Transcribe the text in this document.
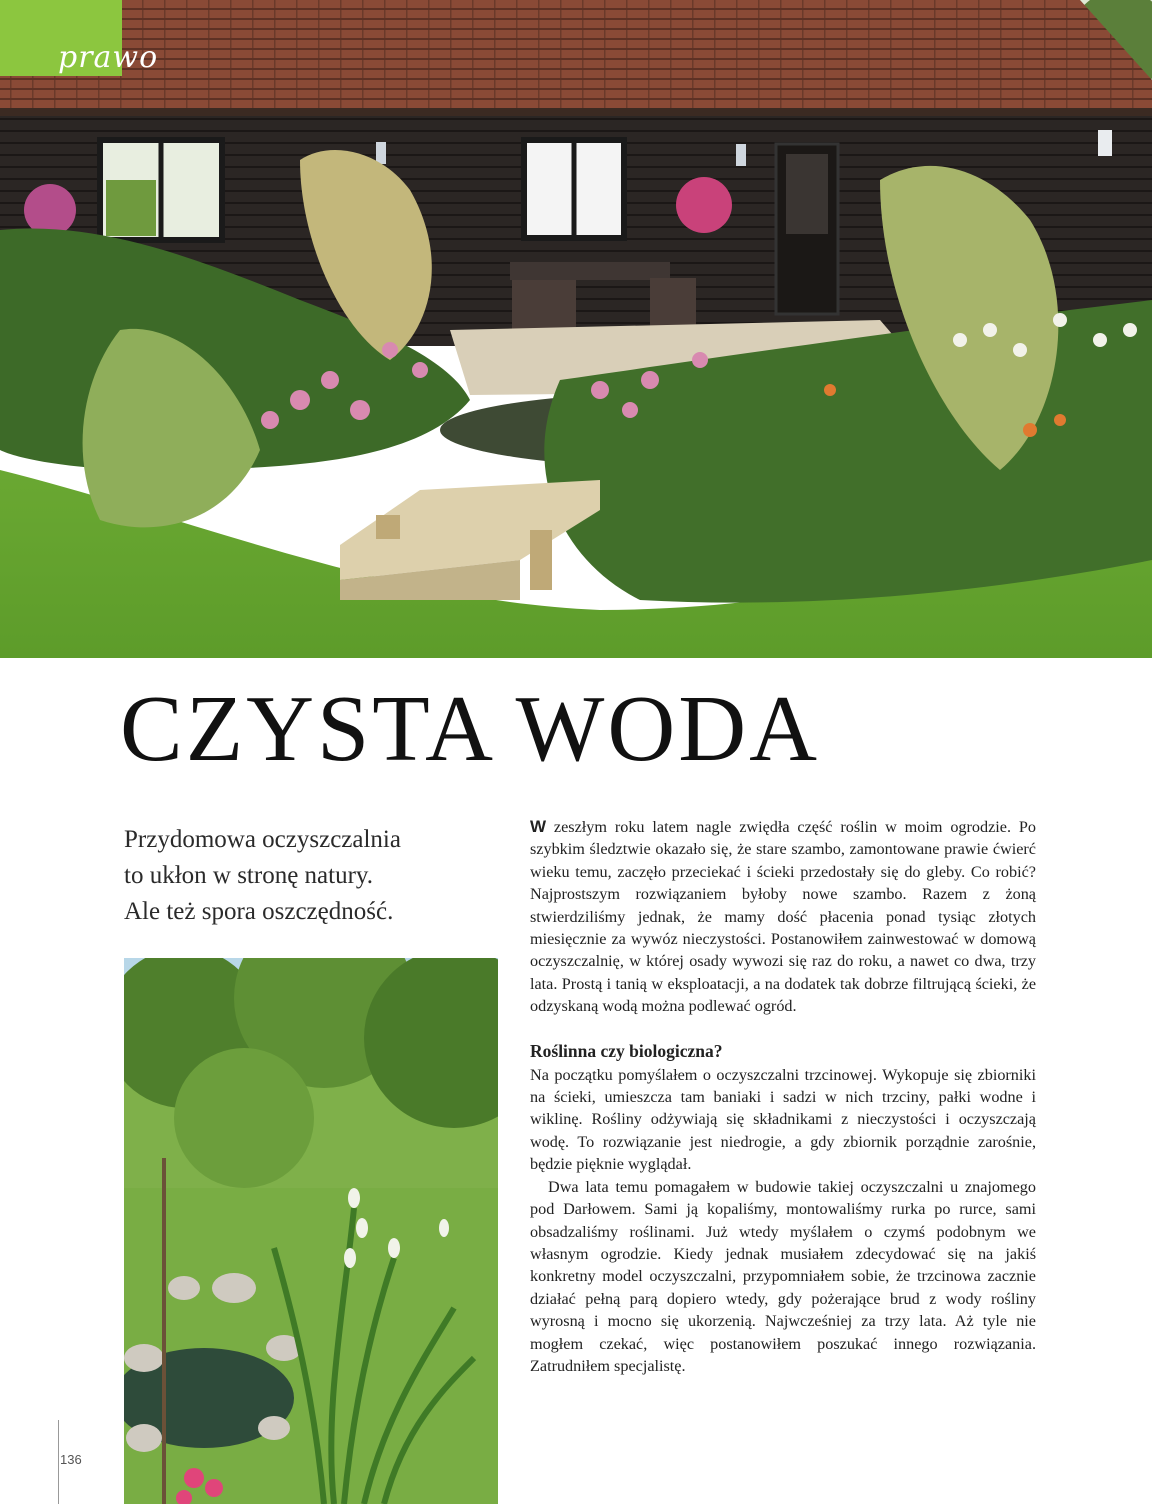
prawo
CZYSTA WODA
Przydomowa oczyszczalnia
to ukłon w stronę natury.
Ale też spora oszczędność.

W zeszłym roku latem nagle zwiędła część roślin w moim ogrodzie. Po szybkim śledztwie okazało się, że stare szambo, zamontowane prawie ćwierć wieku temu, zaczęło przeciekać i ścieki przedostały się do gleby. Co robić? Najprostszym rozwiązaniem byłoby nowe szambo. Razem z żoną stwierdziliśmy jednak, że mamy dość płacenia ponad tysiąc złotych miesięcznie za wywóz nieczystości. Postanowiłem zainwestować w domową oczyszczalnię, w której osady wywozi się raz do roku, a nawet co dwa, trzy lata. Prostą i tanią w eksploatacji, a na dodatek tak dobrze filtrującą ścieki, że odzyskaną wodą można podlewać ogród.

Roślinna czy biologiczna?

Na początku pomyślałem o oczyszczalni trzcinowej. Wykopuje się zbiorniki na ścieki, umieszcza tam baniaki i sadzi w nich trzciny, pałki wodne i wiklinę. Rośliny odżywiają się składnikami z nieczystości i oczyszczają wodę. To rozwiązanie jest niedrogie, a gdy zbiornik porządnie zarośnie, będzie pięknie wyglądał.

Dwa lata temu pomagałem w budowie takiej oczyszczalni u znajomego pod Darłowem. Sami ją kopaliśmy, montowaliśmy rurka po rurce, sami obsadzaliśmy roślinami. Już wtedy myślałem o czymś podobnym we własnym ogrodzie. Kiedy jednak musiałem zdecydować się na jakiś konkretny model oczyszczalni, przypomniałem sobie, że trzcinowa zacznie działać pełną parą dopiero wtedy, gdy pożerające brud z wody rośliny wyrosną i mocno się ukorzenią. Najwcześniej za trzy lata. Aż tyle nie mogłem czekać, więc postanowiłem poszukać innego rozwiązania. Zatrudniłem specjalistę.

136
